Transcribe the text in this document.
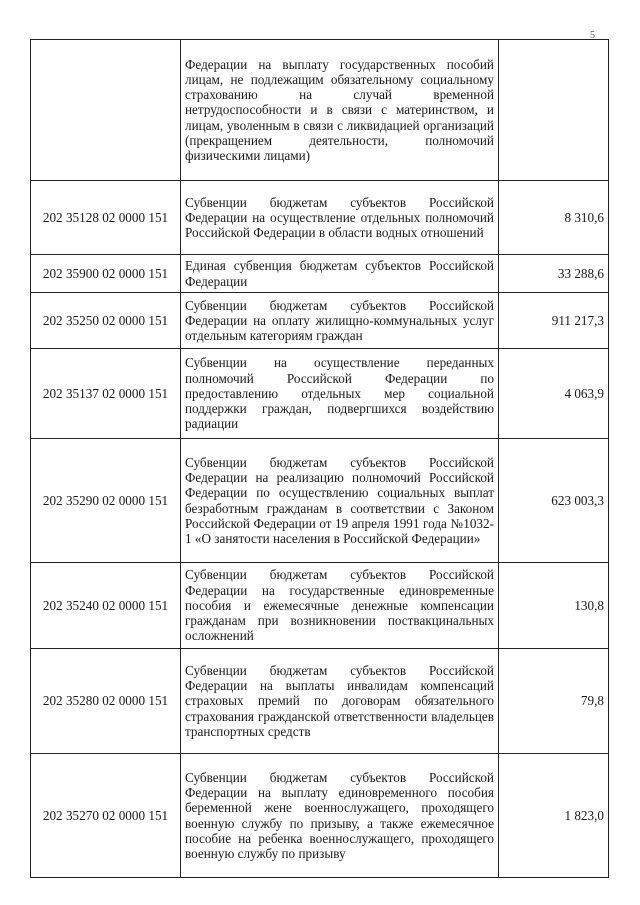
5
	Федерации на выплату государственных пособий лицам, не подлежащим обязательному социальному страхованию на случай временной нетрудоспособности и в связи с материнством, и лицам, уволенным в связи с ликвидацией организаций (прекращением деятельности, полномочий физическими лицами)	
202 35128 02 0000 151	Субвенции бюджетам субъектов Российской Федерации на осуществление отдельных полномочий Российской Федерации в области водных отношений	8 310,6
202 35900 02 0000 151	Единая субвенция бюджетам субъектов Российской Федерации	33 288,6
202 35250 02 0000 151	Субвенции бюджетам субъектов Российской Федерации на оплату жилищно-коммунальных услуг отдельным категориям граждан	911 217,3
202 35137 02 0000 151	Субвенции на осуществление переданных полномочий Российской Федерации по предоставлению отдельных мер социальной поддержки граждан, подвергшихся воздействию радиации	4 063,9
202 35290 02 0000 151	Субвенции бюджетам субъектов Российской Федерации на реализацию полномочий Российской Федерации по осуществлению социальных выплат безработным гражданам в соответствии с Законом Российской Федерации от 19 апреля 1991 года №1032-1 «О занятости населения в Российской Федерации»	623 003,3
202 35240 02 0000 151	Субвенции бюджетам субъектов Российской Федерации на государственные единовременные пособия и ежемесячные денежные компенсации гражданам при возникновении поствакцинальных осложнений	130,8
202 35280 02 0000 151	Субвенции бюджетам субъектов Российской Федерации на выплаты инвалидам компенсаций страховых премий по договорам обязательного страхования гражданской ответственности владельцев транспортных средств	79,8
202 35270 02 0000 151	Субвенции бюджетам субъектов Российской Федерации на выплату единовременного пособия беременной жене военнослужащего, проходящего военную службу по призыву, а также ежемесячное пособие на ребенка военнослужащего, проходящего военную службу по призыву	1 823,0
